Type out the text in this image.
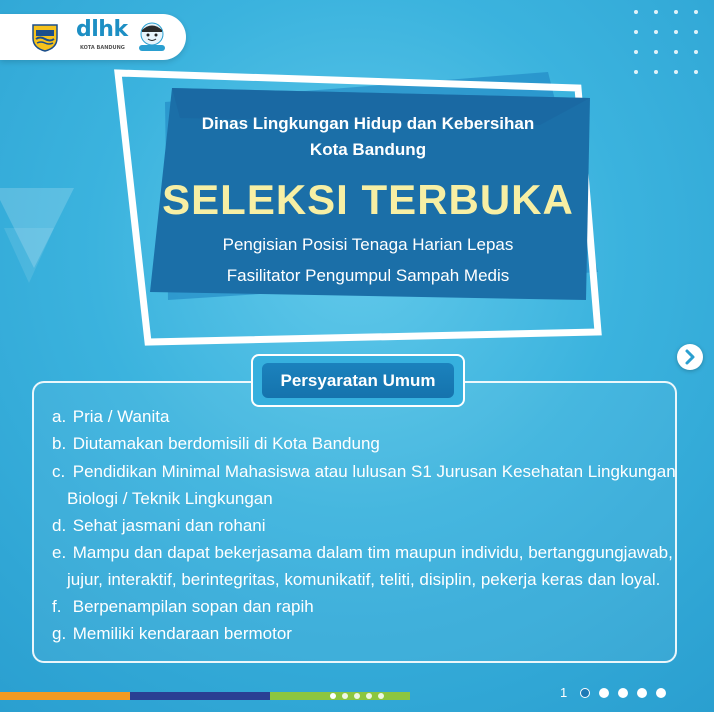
dlhk
KOTA BANDUNG
Dinas Lingkungan Hidup dan Kebersihan
Kota Bandung
SELEKSI TERBUKA
Pengisian Posisi Tenaga Harian Lepas
Fasilitator Pengumpul Sampah Medis
Persyaratan Umum
a. Pria / Wanita
b. Diutamakan berdomisili di Kota Bandung
c. Pendidikan Minimal Mahasiswa atau lulusan S1 Jurusan Kesehatan Lingkungan
Biologi / Teknik Lingkungan
d. Sehat jasmani dan rohani
e. Mampu dan dapat bekerjasama dalam tim maupun individu, bertanggungjawab,
jujur, interaktif, berintegritas, komunikatif, teliti, disiplin, pekerja keras dan loyal.
f. Berpenampilan sopan dan rapih
g. Memiliki kendaraan bermotor
1
